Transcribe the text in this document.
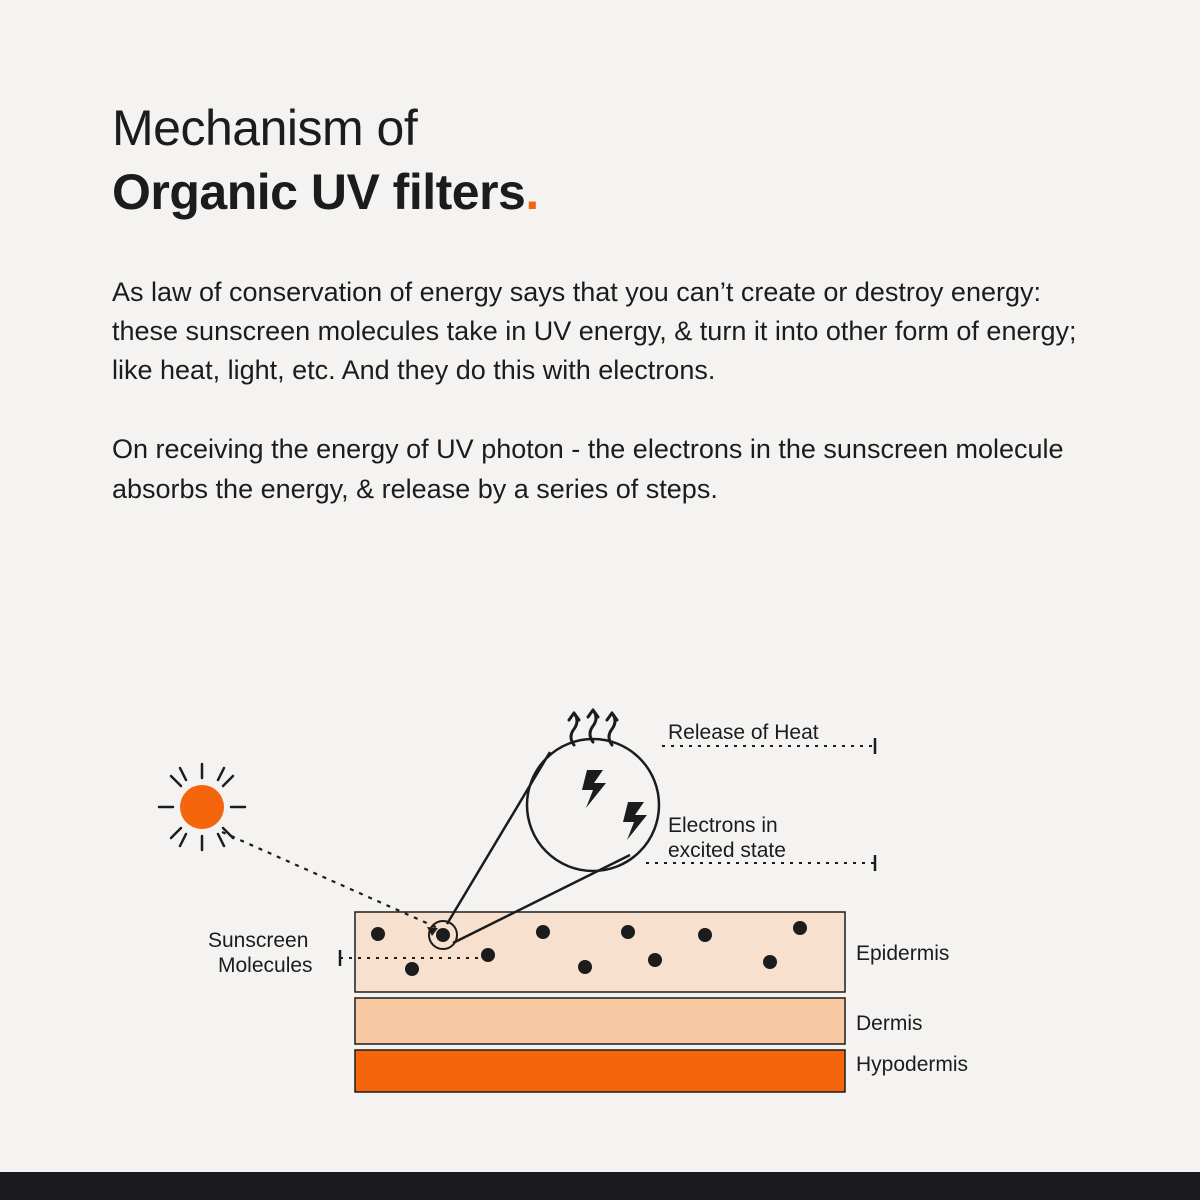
Mechanism of
Organic UV filters.

As law of conservation of energy says that you can’t create or destroy energy: these sunscreen molecules take in UV energy, & turn it into other form of energy; like heat, light, etc. And they do this with electrons.

On receiving the energy of UV photon - the electrons in the sunscreen molecule absorbs the energy, & release by a series of steps.

Release of Heat
Electrons in
excited state
Sunscreen
Molecules
Epidermis
Dermis
Hypodermis
